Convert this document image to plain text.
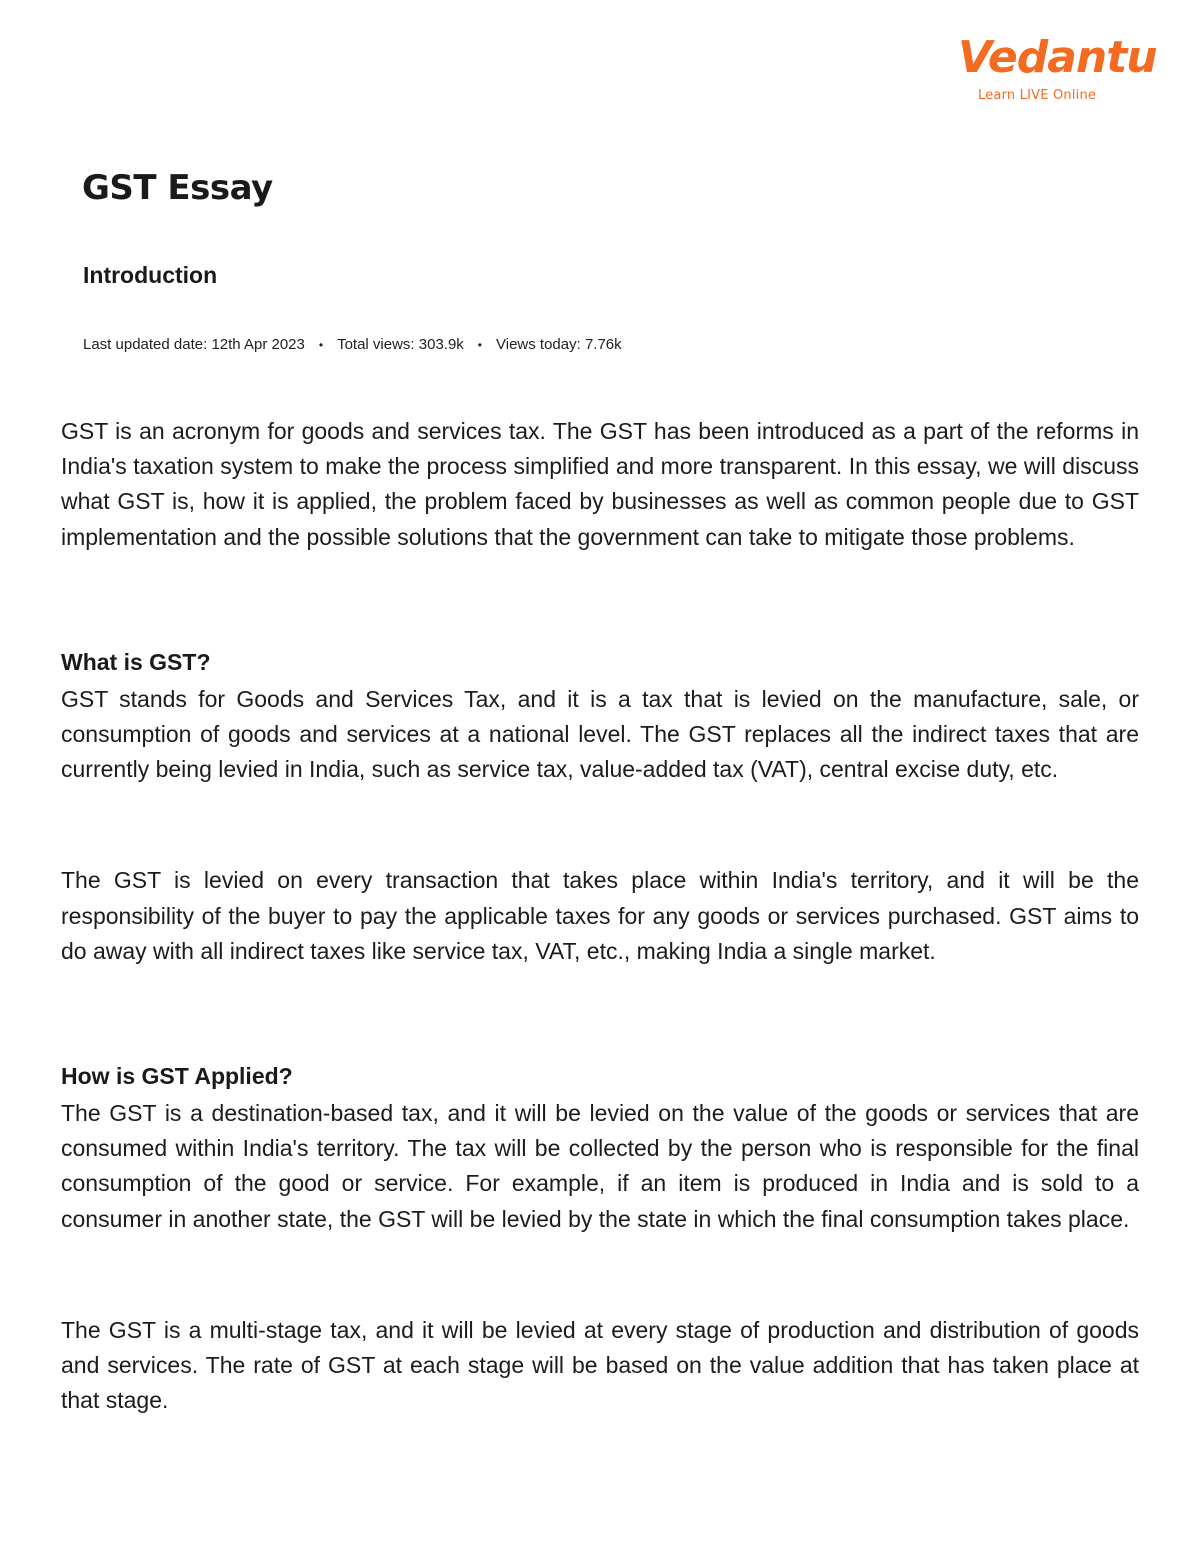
Vedantu
Learn LIVE Online
GST Essay
Introduction
Last updated date: 12th Apr 2023 • Total views: 303.9k • Views today: 7.76k

GST is an acronym for goods and services tax. The GST has been introduced as a part of the reforms in India's taxation system to make the process simplified and more transparent. In this essay, we will discuss what GST is, how it is applied, the problem faced by businesses as well as common people due to GST implementation and the possible solutions that the government can take to mitigate those problems.

What is GST?

GST stands for Goods and Services Tax, and it is a tax that is levied on the manufacture, sale, or consumption of goods and services at a national level. The GST replaces all the indirect taxes that are currently being levied in India, such as service tax, value-added tax (VAT), central excise duty, etc.

The GST is levied on every transaction that takes place within India's territory, and it will be the responsibility of the buyer to pay the applicable taxes for any goods or services purchased. GST aims to do away with all indirect taxes like service tax, VAT, etc., making India a single market.

How is GST Applied?

The GST is a destination-based tax, and it will be levied on the value of the goods or services that are consumed within India's territory. The tax will be collected by the person who is responsible for the final consumption of the good or service. For example, if an item is produced in India and is sold to a consumer in another state, the GST will be levied by the state in which the final consumption takes place.

The GST is a multi-stage tax, and it will be levied at every stage of production and distribution of goods and services. The rate of GST at each stage will be based on the value addition that has taken place at that stage.
